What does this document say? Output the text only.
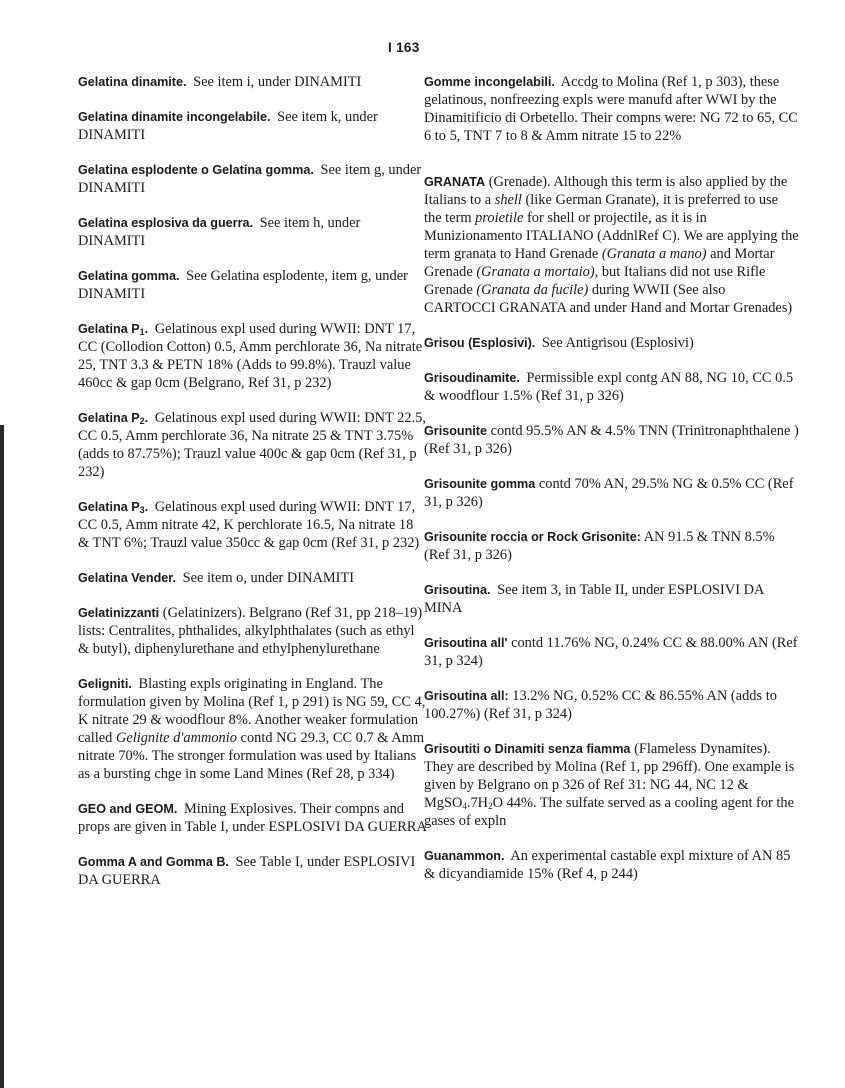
I 163
Gelatina dinamite. See item i, under DINAMITI
Gelatina dinamite incongelabile. See item k, under DINAMITI
Gelatina esplodente o Gelatina gomma. See item g, under DINAMITI
Gelatina esplosiva da guerra. See item h, under DINAMITI
Gelatina gomma. See Gelatina esplodente, item g, under DINAMITI
Gelatina $P_1$. Gelatinous expl used during WWII: DNT 17, CC (Collodion Cotton) 0.5, Amm perchlorate 36, Na nitrate 25, TNT 3.3 & PETN 18% (Adds to 99.8%). Trauzl value 460cc & gap 0cm (Belgrano, Ref 31, p 232)
Gelatina $P_2$. Gelatinous expl used during WWII: DNT 22.5, CC 0.5, Amm perchlorate 36, Na nitrate 25 & TNT 3.75% (adds to 87.75%); Trauzl value 400c & gap 0cm (Ref 31, p 232)
Gelatina $P_3$. Gelatinous expl used during WWII: DNT 17, CC 0.5, Amm nitrate 42, K perchlorate 16.5, Na nitrate 18 & TNT 6%; Trauzl value 350cc & gap 0cm (Ref 31, p 232)
Gelatina Vender. See item o, under DINAMITI
Gelatinizzanti (Gelatinizers). Belgrano (Ref 31, pp 218–19) lists: Centralites, phthalides, alkylphthalates (such as ethyl & butyl), diphenylurethane and ethylphenylurethane
Geligniti. Blasting expls originating in England. The formulation given by Molina (Ref 1, p 291) is NG 59, CC 4, K nitrate 29 & woodflour 8%. Another weaker formulation called Gelignite d'ammonio contd NG 29.3, CC 0.7 & Amm nitrate 70%. The stronger formulation was used by Italians as a bursting chge in some Land Mines (Ref 28, p 334)
GEO and GEOM. Mining Explosives. Their compns and props are given in Table I, under ESPLOSIVI DA GUERRA
Gomma A and Gomma B. See Table I, under ESPLOSIVI DA GUERRA
Gomme incongelabili. Accdg to Molina (Ref 1, p 303), these gelatinous, nonfreezing expls were manufd after WWI by the Dinamitificio di Orbetello. Their compns were: NG 72 to 65, CC 6 to 5, TNT 7 to 8 & Amm nitrate 15 to 22%
GRANATA (Grenade). Although this term is also applied by the Italians to a shell (like German Granate), it is preferred to use the term proietile for shell or projectile, as it is in Munizionamento ITALIANO (AddnlRef C). We are applying the term granata to Hand Grenade (Granata a mano) and Mortar Grenade (Granata a mortaio), but Italians did not use Rifle Grenade (Granata da fucile) during WWII (See also CARTOCCI GRANATA and under Hand and Mortar Grenades)
Grisou (Esplosivi). See Antigrisou (Esplosivi)
Grisoudinamite. Permissible expl contg AN 88, NG 10, CC 0.5 & woodflour 1.5% (Ref 31, p 326)
Grisounite contd 95.5% AN & 4.5% TNN (Trinitronaphthalene ) (Ref 31, p 326)
Grisounite gomma contd 70% AN, 29.5% NG & 0.5% CC (Ref 31, p 326)
Grisounite roccia or Rock Grisonite: AN 91.5 & TNN 8.5% (Ref 31, p 326)
Grisoutina. See item 3, in Table II, under ESPLOSIVI DA MINA
Grisoutina all' contd 11.76% NG, 0.24% CC & 88.00% AN (Ref 31, p 324)
Grisoutina all: 13.2% NG, 0.52% CC & 86.55% AN (adds to 100.27%) (Ref 31, p 324)
Grisoutiti o Dinamiti senza fiamma (Flameless Dynamites). They are described by Molina (Ref 1, pp 296ff). One example is given by Belgrano on p 326 of Ref 31: NG 44, NC 12 & $MgSO_4.7H_2O$ 44%. The sulfate served as a cooling agent for the gases of expln
Guanammon. An experimental castable expl mixture of AN 85 & dicyandiamide 15% (Ref 4, p 244)
